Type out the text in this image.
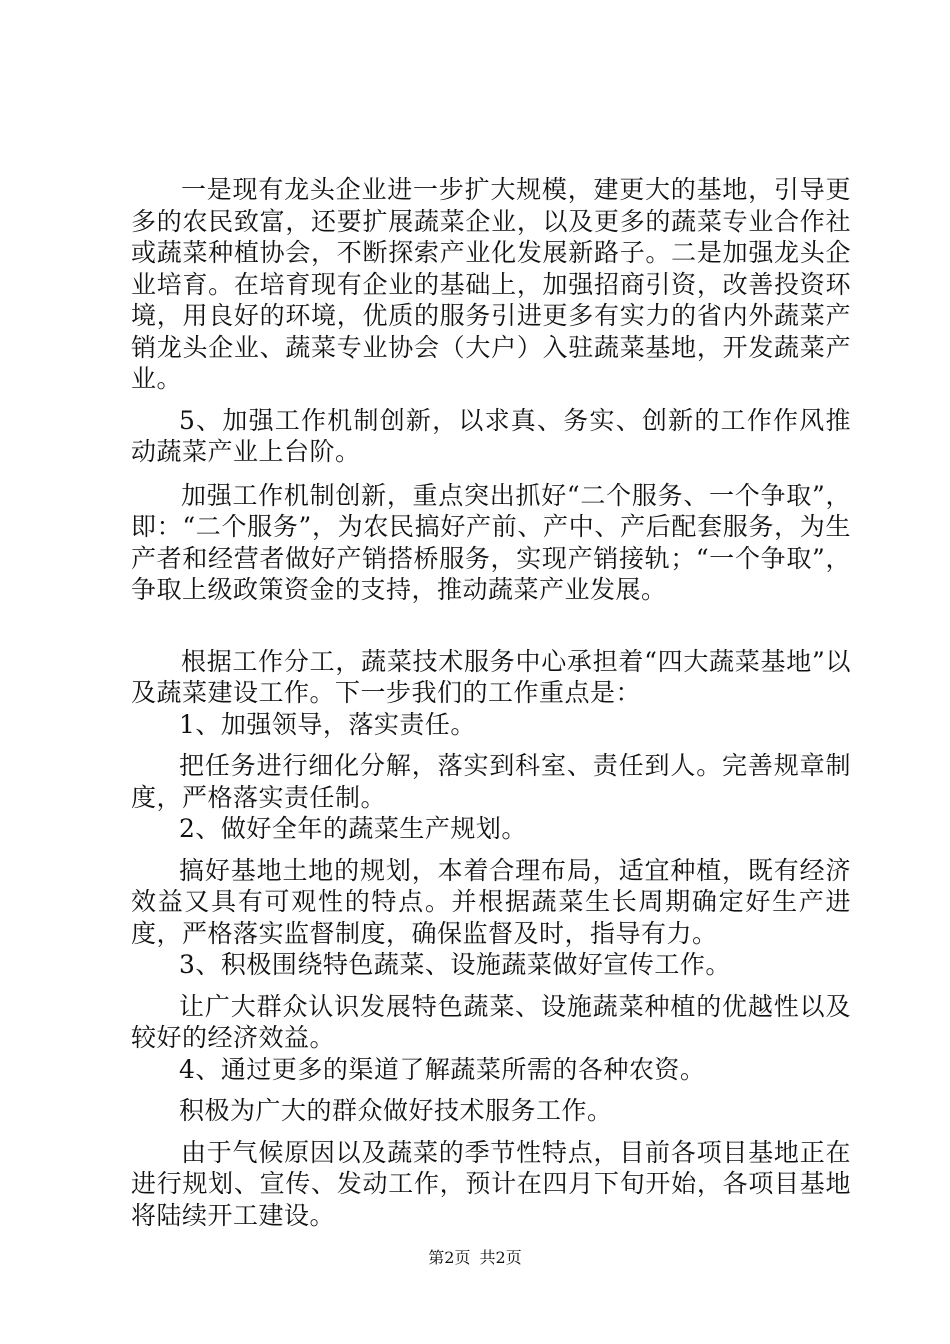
一是现有龙头企业进一步扩大规模，建更大的基地，引导更多的农民致富，还要扩展蔬菜企业，以及更多的蔬菜专业合作社或蔬菜种植协会，不断探索产业化发展新路子。二是加强龙头企业培育。在培育现有企业的基础上，加强招商引资，改善投资环境，用良好的环境，优质的服务引进更多有实力的省内外蔬菜产销龙头企业、蔬菜专业协会（大户）入驻蔬菜基地，开发蔬菜产业。

5、加强工作机制创新，以求真、务实、创新的工作作风推动蔬菜产业上台阶。

加强工作机制创新，重点突出抓好“二个服务、一个争取”，即：“二个服务”，为农民搞好产前、产中、产后配套服务，为生产者和经营者做好产销搭桥服务，实现产销接轨；“一个争取”，争取上级政策资金的支持，推动蔬菜产业发展。

根据工作分工，蔬菜技术服务中心承担着“四大蔬菜基地”以及蔬菜建设工作。下一步我们的工作重点是：

1、加强领导，落实责任。

把任务进行细化分解，落实到科室、责任到人。完善规章制度，严格落实责任制。

2、做好全年的蔬菜生产规划。

搞好基地土地的规划，本着合理布局，适宜种植，既有经济效益又具有可观性的特点。并根据蔬菜生长周期确定好生产进度，严格落实监督制度，确保监督及时，指导有力。

3、积极围绕特色蔬菜、设施蔬菜做好宣传工作。

让广大群众认识发展特色蔬菜、设施蔬菜种植的优越性以及较好的经济效益。

4、通过更多的渠道了解蔬菜所需的各种农资。

积极为广大的群众做好技术服务工作。

由于气候原因以及蔬菜的季节性特点，目前各项目基地正在进行规划、宣传、发动工作，预计在四月下旬开始，各项目基地将陆续开工建设。

第2页 共2页
